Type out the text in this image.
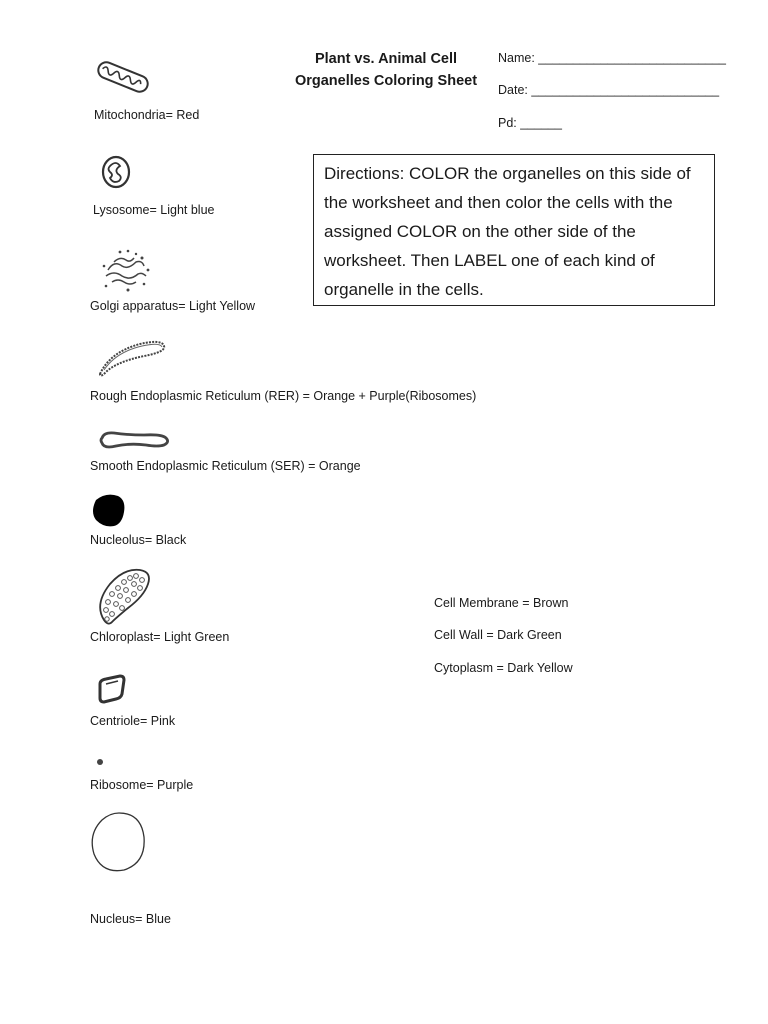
Plant vs. Animal Cell
Organelles Coloring Sheet
Name: ___________________________
Date: ___________________________
Pd: ______
Directions: COLOR the organelles on this side of the worksheet and then color the cells with the assigned COLOR on the other side of the worksheet. Then LABEL one of each kind of organelle in the cells.
Mitochondria= Red
Lysosome= Light blue
Golgi apparatus= Light Yellow
Rough Endoplasmic Reticulum (RER) = Orange + Purple(Ribosomes)
Smooth Endoplasmic Reticulum (SER) = Orange
Nucleolus= Black
Chloroplast= Light Green
Centriole= Pink
Ribosome= Purple
Nucleus= Blue
Cell Membrane = Brown
Cell Wall = Dark Green
Cytoplasm = Dark Yellow
